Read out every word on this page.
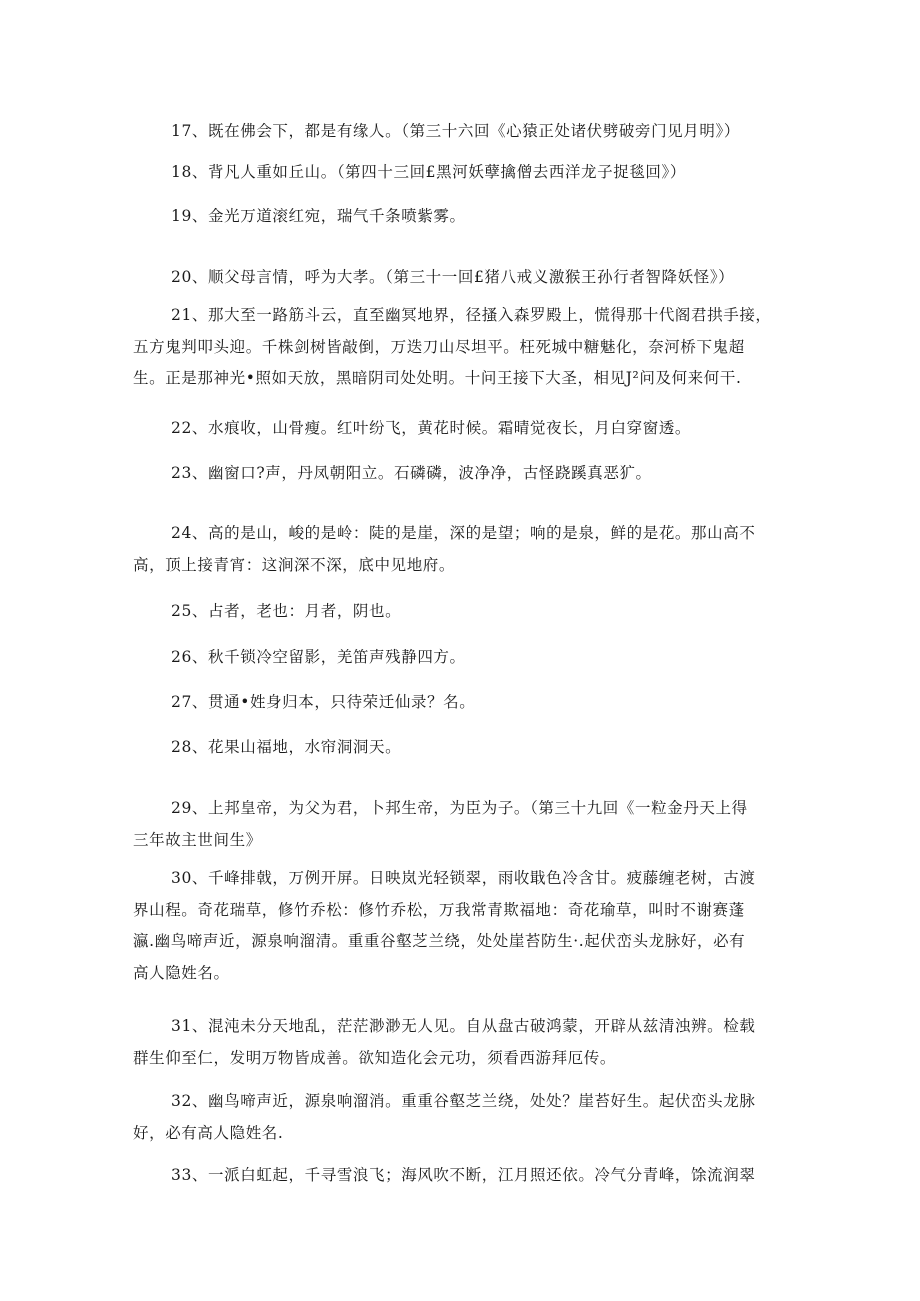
17、既在佛会下，都是有缘人。（第三十六回《心猿正处诸伏劈破旁门见月明》）

18、背凡人重如丘山。（第四十三回£黑河妖孽擒僧去西洋龙子捉毯回》）

19、金光万道滚红宛，瑞气千条喷紫雾。

20、顺父母言情，呼为大孝。（第三十一回£猪八戒义激猴王孙行者智降妖怪》）

21、那大至一路筋斗云，直至幽冥地界，径搔入森罗殿上，慌得那十代阁君拱手接，
五方鬼判叩头迎。千株剑树皆敲倒，万迭刀山尽坦平。枉死城中糖魅化，奈河桥下鬼超
生。正是那神光•照如天放，黑暗阴司处处明。十问王接下大圣，相见J²问及何来何干.

22、水痕收，山骨瘦。红叶纷飞，黄花时候。霜晴觉夜长，月白穿窗透。

23、幽窗口?声，丹凤朝阳立。石磷磷，波净净，古怪跷蹊真恶犷。

24、高的是山，峻的是岭：陡的是崖，深的是望；响的是泉，鲜的是花。那山高不
高，顶上接青宵：这涧深不深，底中见地府。

25、占者，老也：月者，阴也。

26、秋千锁冷空留影，羌笛声残静四方。

27、贯通•姓身归本，只待荣迁仙录？名。

28、花果山福地，水帘洞洞天。

29、上邦皇帝，为父为君，卜邦生帝，为臣为子。（第三十九回《一粒金丹天上得
三年故主世间生》
30、千峰排戟，万例开屏。日映岚光轻锁翠，雨收戢色冷含甘。疲藤缠老树，古渡
界山程。奇花瑞草，修竹乔松：修竹乔松，万我常青欺福地：奇花瑜草，叫时不谢赛蓬
瀛.幽鸟啼声近，源泉响溜清。重重谷壑芝兰绕，处处崖苔防生·.起伏峦头龙脉好，必有
高人隐姓名。
31、混沌未分天地乱，茫茫渺渺无人见。自从盘古破鸿蒙，开辟从兹清浊辨。检载
群生仰至仁，发明万物皆成善。欲知造化会元功，须看西游拜厄传。
32、幽鸟啼声近，源泉响溜消。重重谷壑芝兰绕，处处？崖苔好生。起伏峦头龙脉
好，必有高人隐姓名.
33、一派白虹起，千寻雪浪飞；海风吹不断，江月照还依。冷气分青峰，馀流润翠
